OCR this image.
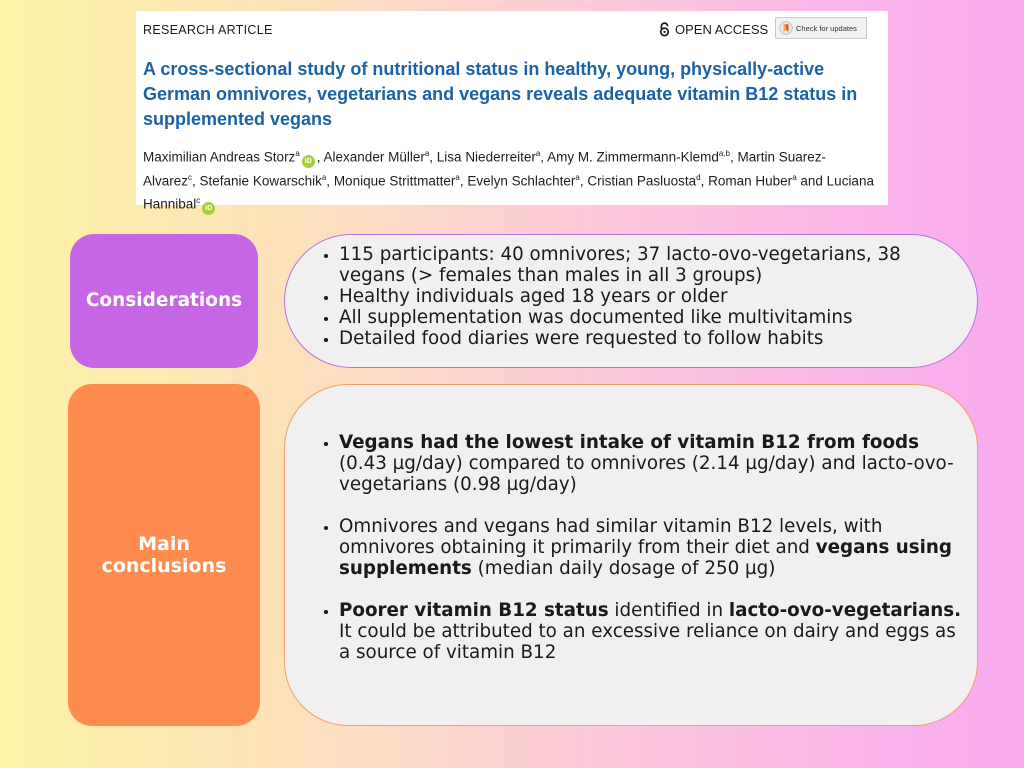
RESEARCH ARTICLE	OPEN ACCESS	Check for updates
A cross-sectional study of nutritional status in healthy, young, physically-active German omnivores, vegetarians and vegans reveals adequate vitamin B12 status in supplemented vegans
Maximilian Andreas Storz$^a$iD , Alexander Müller$^a$, Lisa Niederreiter$^a$, Amy M. Zimmermann-Klemd$^{a,b}$, Martin Suarez-Alvarez$^c$, Stefanie Kowarschik$^a$, Monique Strittmatter$^a$, Evelyn Schlachter$^a$, Cristian Pasluosta$^d$, Roman Huber$^a$ and Luciana Hannibal$^c$iD
Considerations
• 115 participants: 40 omnivores; 37 lacto-ovo-vegetarians, 38 vegans (> females than males in all 3 groups)
• Healthy individuals aged 18 years or older
• All supplementation was documented like multivitamins
• Detailed food diaries were requested to follow habits
Main conclusions
• Vegans had the lowest intake of vitamin B12 from foods (0.43 µg/day) compared to omnivores (2.14 µg/day) and lacto-ovo-vegetarians (0.98 µg/day)
• Omnivores and vegans had similar vitamin B12 levels, with omnivores obtaining it primarily from their diet and vegans using supplements (median daily dosage of 250 µg)
• Poorer vitamin B12 status identified in lacto-ovo-vegetarians. It could be attributed to an excessive reliance on dairy and eggs as a source of vitamin B12
